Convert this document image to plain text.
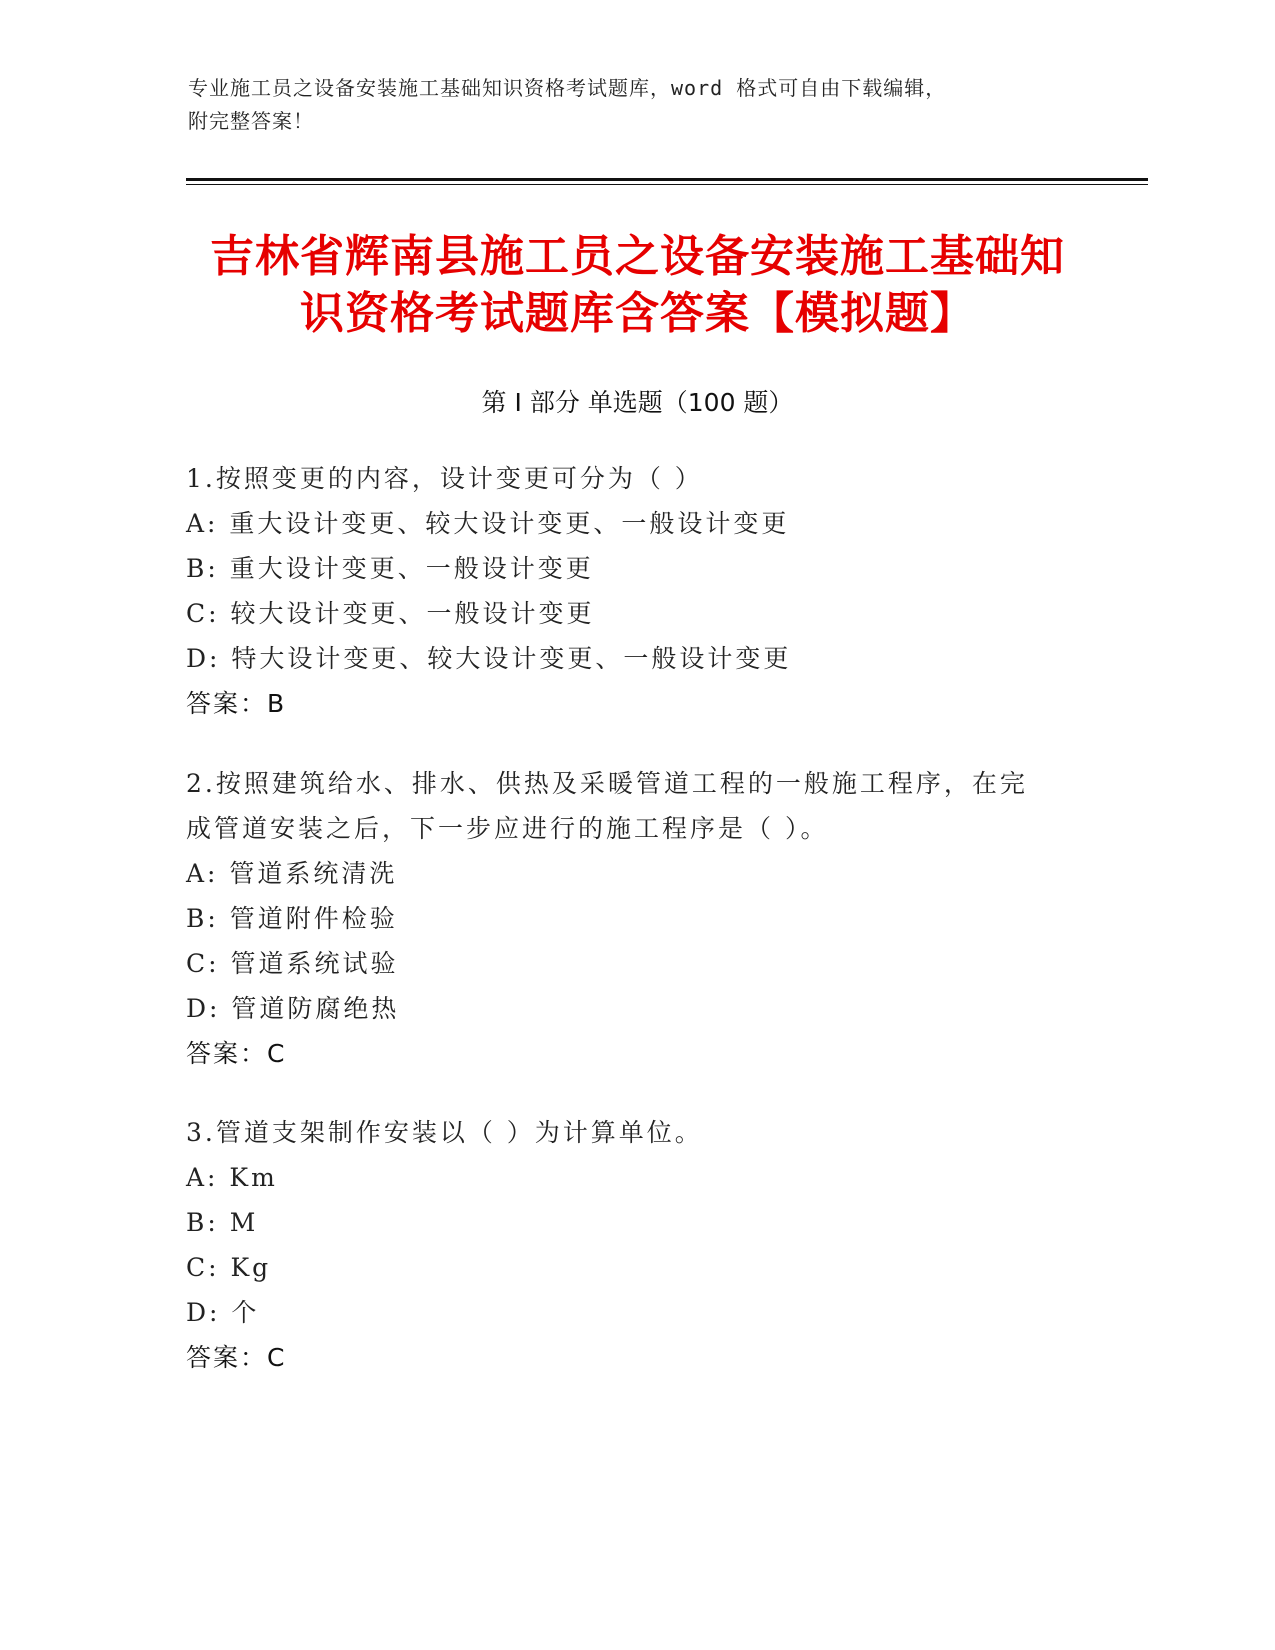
专业施工员之设备安装施工基础知识资格考试题库，word 格式可自由下载编辑，
附完整答案！
吉林省辉南县施工员之设备安装施工基础知
识资格考试题库含答案【模拟题】
第 I 部分 单选题（100 题）
1.按照变更的内容，设计变更可分为（ ）
A: 重大设计变更、较大设计变更、一般设计变更
B: 重大设计变更、一般设计变更
C: 较大设计变更、一般设计变更
D: 特大设计变更、较大设计变更、一般设计变更
答案：B
2.按照建筑给水、排水、供热及采暖管道工程的一般施工程序，在完
成管道安装之后，下一步应进行的施工程序是（ ）。
A: 管道系统清洗
B: 管道附件检验
C: 管道系统试验
D: 管道防腐绝热
答案：C
3.管道支架制作安装以（ ）为计算单位。
A: Km
B: M
C: Kg
D: 个
答案：C
